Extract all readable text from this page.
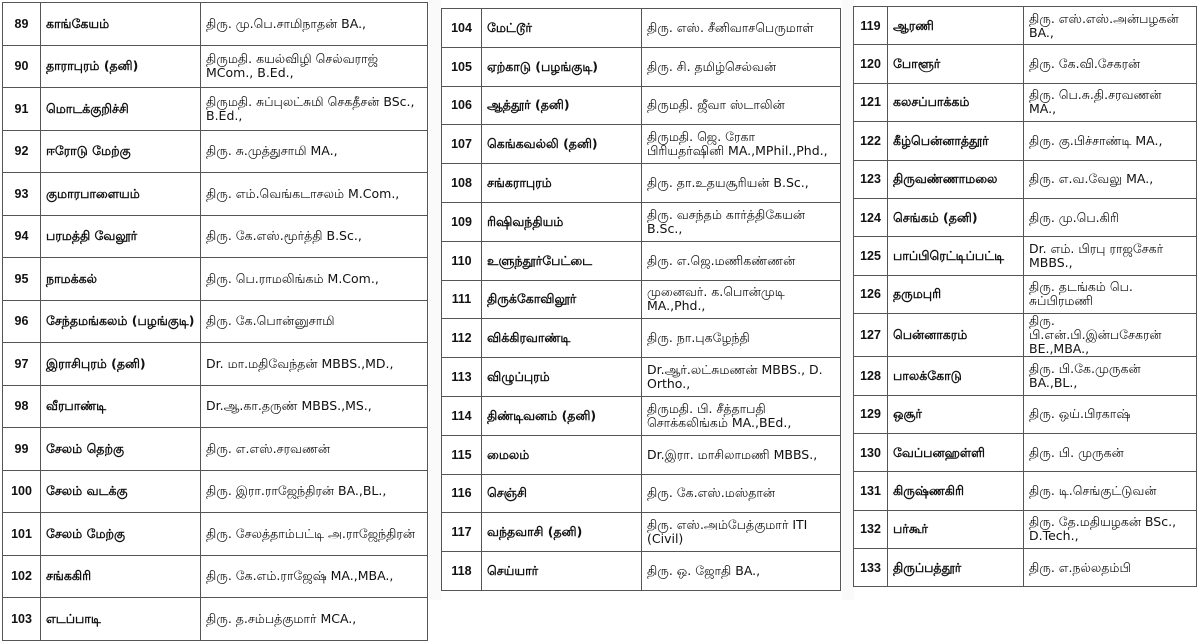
89	காங்கேயம்	திரு. மு.பெ.சாமிநாதன் BA.,
90	தாராபுரம் (தனி)	திருமதி. கயல்விழி செல்வராஜ் MCom., B.Ed.,
91	மொடக்குறிச்சி	திருமதி. சுப்புலட்சுமி செகதீசன் BSc., B.Ed.,
92	ஈரோடு மேற்கு	திரு. சு.முத்துசாமி MA.,
93	குமாரபாளையம்	திரு. எம்.வெங்கடாசலம் M.Com.,
94	பரமத்தி வேலூர்	திரு. கே.எஸ்.மூர்த்தி B.Sc.,
95	நாமக்கல்	திரு. பெ.ராமலிங்கம் M.Com.,
96	சேந்தமங்கலம் (பழங்குடி)	திரு. கே.பொன்னுசாமி
97	இராசிபுரம் (தனி)	Dr. மா.மதிவேந்தன் MBBS.,MD.,
98	வீரபாண்டி	Dr.ஆ.கா.தருண் MBBS.,MS.,
99	சேலம் தெற்கு	திரு. எ.எஸ்.சரவணன்
100	சேலம் வடக்கு	திரு. இரா.ராஜேந்திரன் BA.,BL.,
101	சேலம் மேற்கு	திரு. சேலத்தாம்பட்டி அ.ராஜேந்திரன்
102	சங்ககிரி	திரு. கே.எம்.ராஜேஷ் MA.,MBA.,
103	எடப்பாடி	திரு. த.சம்பத்குமார் MCA.,
104	மேட்டூர்	திரு. எஸ். சீனிவாசபெருமாள்
105	ஏற்காடு (பழங்குடி)	திரு. சி. தமிழ்செல்வன்
106	ஆத்தூர் (தனி)	திருமதி. ஜீவா ஸ்டாலின்
107	கெங்கவல்லி (தனி)	திருமதி. ஜெ. ரேகா பிரியதர்ஷினி MA.,MPhil.,Phd.,
108	சங்கராபுரம்	திரு. தா.உதயசூரியன் B.Sc.,
109	ரிஷிவந்தியம்	திரு. வசந்தம் கார்த்திகேயன் B.Sc.,
110	உளுந்தூர்பேட்டை	திரு. எ.ஜெ.மணிகண்ணன்
111	திருக்கோவிலூர்	முனைவர். க.பொன்முடி MA.,Phd.,
112	விக்கிரவாண்டி	திரு. நா.புகழேந்தி
113	விழுப்புரம்	Dr.ஆர்.லட்சுமணன் MBBS., D. Ortho.,
114	திண்டிவனம் (தனி)	திருமதி. பி. சீத்தாபதி சொக்கலிங்கம் MA.,BEd.,
115	மைலம்	Dr.இரா. மாசிலாமணி MBBS.,
116	செஞ்சி	திரு. கே.எஸ்.மஸ்தான்
117	வந்தவாசி (தனி)	திரு. எஸ்.அம்பேத்குமார் ITI (Civil)
118	செய்யார்	திரு. ஒ. ஜோதி BA.,
119	ஆரணி	திரு. எஸ்.எஸ்.அன்பழகன் BA.,
120	போளூர்	திரு. கே.வி.சேகரன்
121	கலசப்பாக்கம்	திரு. பெ.சு.தி.சரவணன் MA.,
122	கீழ்பென்னாத்தூர்	திரு. கு.பிச்சாண்டி MA.,
123	திருவண்ணாமலை	திரு. எ.வ.வேலு MA.,
124	செங்கம் (தனி)	திரு. மு.பெ.கிரி
125	பாப்பிரெட்டிப்பட்டி	Dr. எம். பிரபு ராஜசேகர் MBBS.,
126	தருமபுரி	திரு. தடங்கம் பெ. சுப்பிரமணி
127	பென்னாகரம்	திரு. பி.என்.பி.இன்பசேகரன் BE.,MBA.,
128	பாலக்கோடு	திரு. பி.கே.முருகன் BA.,BL.,
129	ஒசூர்	திரு. ஒய்.பிரகாஷ்
130	வேப்பனஹள்ளி	திரு. பி. முருகன்
131	கிருஷ்ணகிரி	திரு. டி.செங்குட்டுவன்
132	பர்கூர்	திரு. தே.மதியழகன் BSc., D.Tech.,
133	திருப்பத்தூர்	திரு. எ.நல்லதம்பி
